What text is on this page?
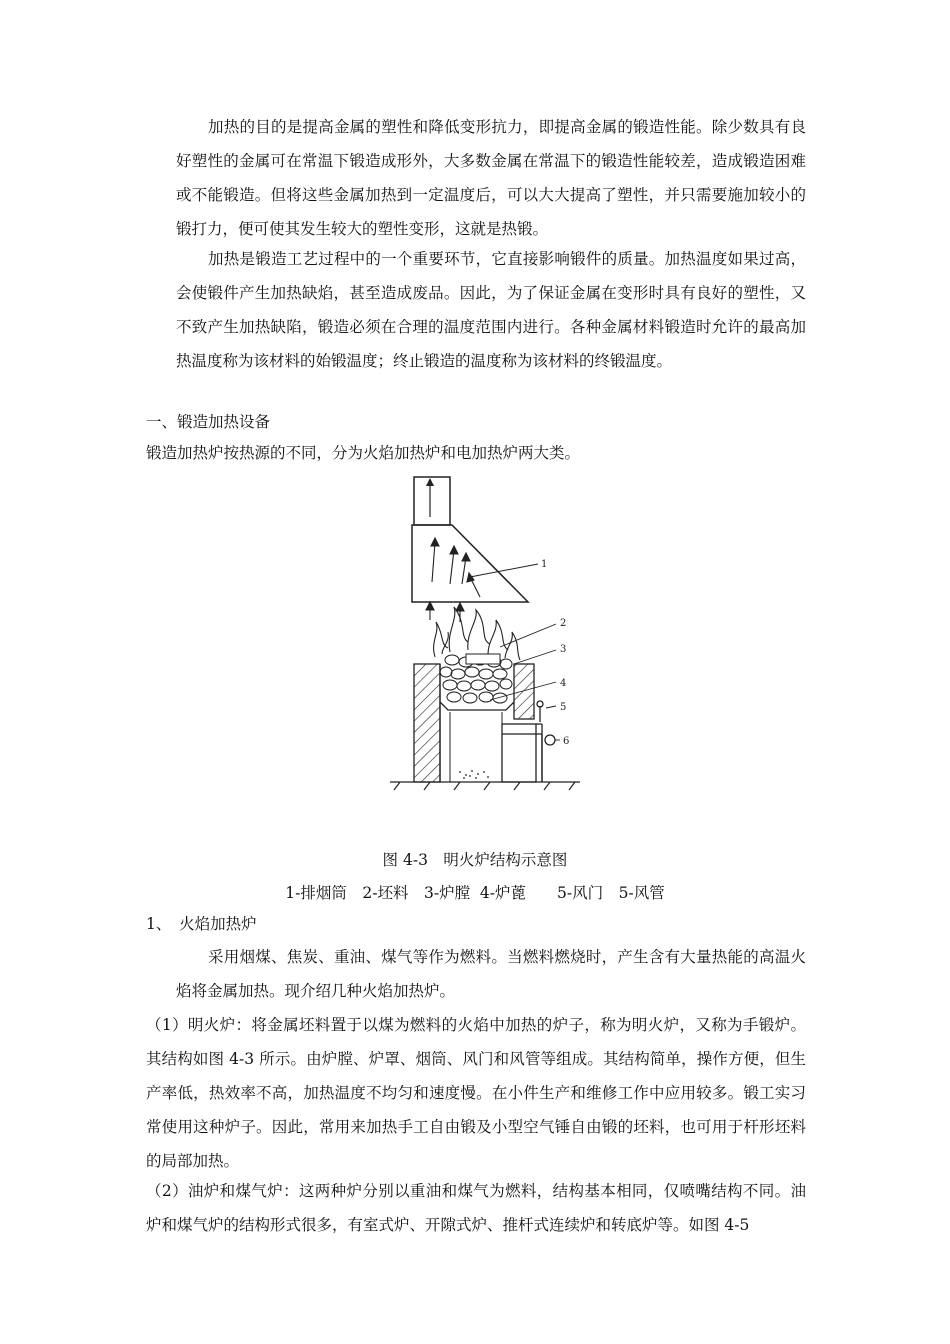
加热的目的是提高金属的塑性和降低变形抗力，即提高金属的锻造性能。除少数具有良好塑性的金属可在常温下锻造成形外，大多数金属在常温下的锻造性能较差，造成锻造困难或不能锻造。但将这些金属加热到一定温度后，可以大大提高了塑性，并只需要施加较小的锻打力，便可使其发生较大的塑性变形，这就是热锻。
加热是锻造工艺过程中的一个重要环节，它直接影响锻件的质量。加热温度如果过高，会使锻件产生加热缺焰，甚至造成废品。因此，为了保证金属在变形时具有良好的塑性，又不致产生加热缺陷，锻造必须在合理的温度范围内进行。各种金属材料锻造时允许的最高加热温度称为该材料的始锻温度；终止锻造的温度称为该材料的终锻温度。
一、锻造加热设备
锻造加热炉按热源的不同，分为火焰加热炉和电加热炉两大类。
1
2
3
4
5
6
图 4-3　明火炉结构示意图
1-排烟筒　2-坯料　3-炉膛  4-炉蓖　　5-风门　5-风管
1、　火焰加热炉
采用烟煤、焦炭、重油、煤气等作为燃料。当燃料燃烧时，产生含有大量热能的高温火焰将金属加热。现介绍几种火焰加热炉。
（1）明火炉：将金属坯料置于以煤为燃料的火焰中加热的炉子，称为明火炉，又称为手锻炉。其结构如图 4-3 所示。由炉膛、炉罩、烟筒、风门和风管等组成。其结构简单，操作方便，但生产率低，热效率不高，加热温度不均匀和速度慢。在小件生产和维修工作中应用较多。锻工实习常使用这种炉子。因此，常用来加热手工自由锻及小型空气锤自由锻的坯料，也可用于杆形坯料的局部加热。
（2）油炉和煤气炉：这两种炉分别以重油和煤气为燃料，结构基本相同，仅喷嘴结构不同。油炉和煤气炉的结构形式很多，有室式炉、开隙式炉、推杆式连续炉和转底炉等。如图 4-5
